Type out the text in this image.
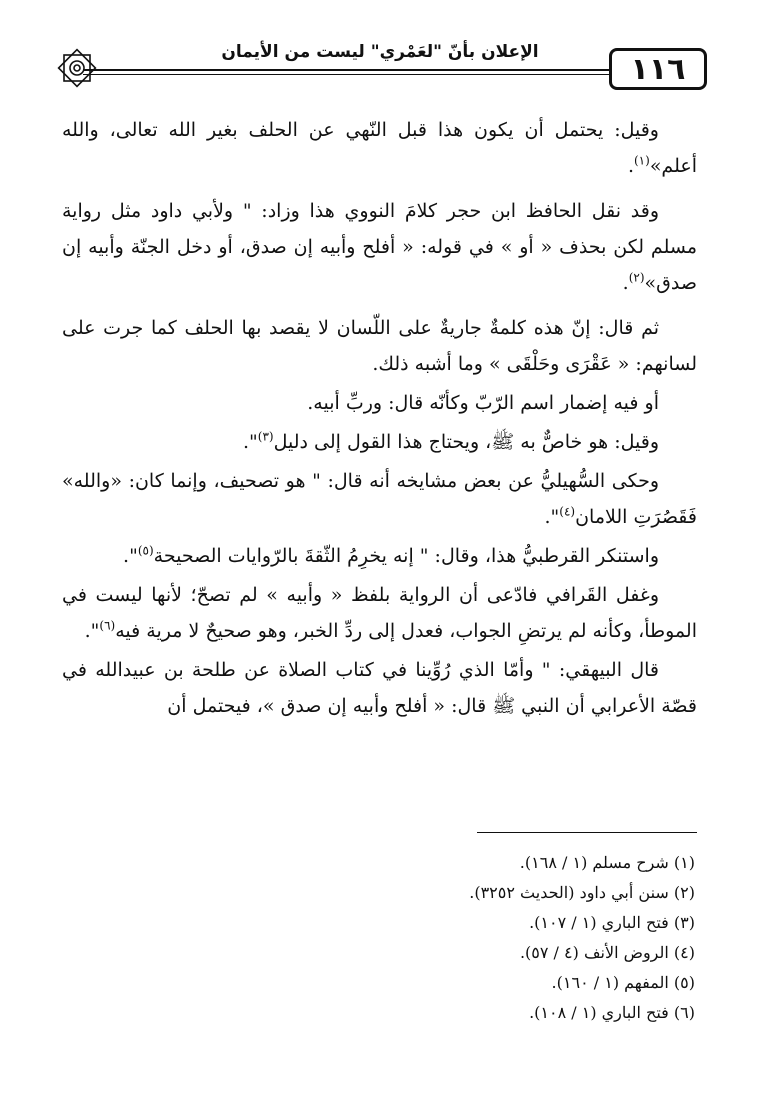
الإعلان بأنّ "لعَمْري" ليست من الأيمان	١١٦

وقيل: يحتمل أن يكون هذا قبل النّهي عن الحلف بغير الله تعالى، والله أعلم»$^{(١)}$.

وقد نقل الحافظ ابن حجر كلامَ النووي هذا وزاد: " ولأبي داود مثل رواية مسلم لكن بحذف « أو » في قوله: « أفلح وأبيه إن صدق، أو دخل الجنّة وأبيه إن صدق»$^{(٢)}$.

ثم قال: إنّ هذه كلمةٌ جاريةٌ على اللّسان لا يقصد بها الحلف كما جرت على لسانهم: « عَقْرَى وحَلْقَى » وما أشبه ذلك.

أو فيه إضمار اسم الرّبّ وكأنّه قال: وربِّ أبيه.

وقيل: هو خاصٌّ به ﷺ، ويحتاج هذا القول إلى دليل$^{(٣)}$".

وحكى السُّهيليُّ عن بعض مشايخه أنه قال: " هو تصحيف، وإنما كان: «والله» فَقَصُرَتِ اللامان$^{(٤)}$".

واستنكر القرطبيُّ هذا، وقال: " إنه يخرِمُ الثّقةَ بالرّوايات الصحيحة$^{(٥)}$".

وغفل القَرافي فادّعى أن الرواية بلفظ « وأبيه » لم تصحّ؛ لأنها ليست في الموطأ، وكأنه لم يرتضِ الجواب، فعدل إلى ردِّ الخبر، وهو صحيحٌ لا مرية فيه$^{(٦)}$".

قال البيهقي: " وأمّا الذي رُوِّينا في كتاب الصلاة عن طلحة بن عبيدالله في قصّة الأعرابي أن النبي ﷺ قال: « أفلح وأبيه إن صدق »، فيحتمل أن

(١) شرح مسلم (١ / ١٦٨).
(٢) سنن أبي داود (الحديث ٣٢٥٢).
(٣) فتح الباري (١ / ١٠٧).
(٤) الروض الأنف (٤ / ٥٧).
(٥) المفهم (١ / ١٦٠).
(٦) فتح الباري (١ / ١٠٨).
